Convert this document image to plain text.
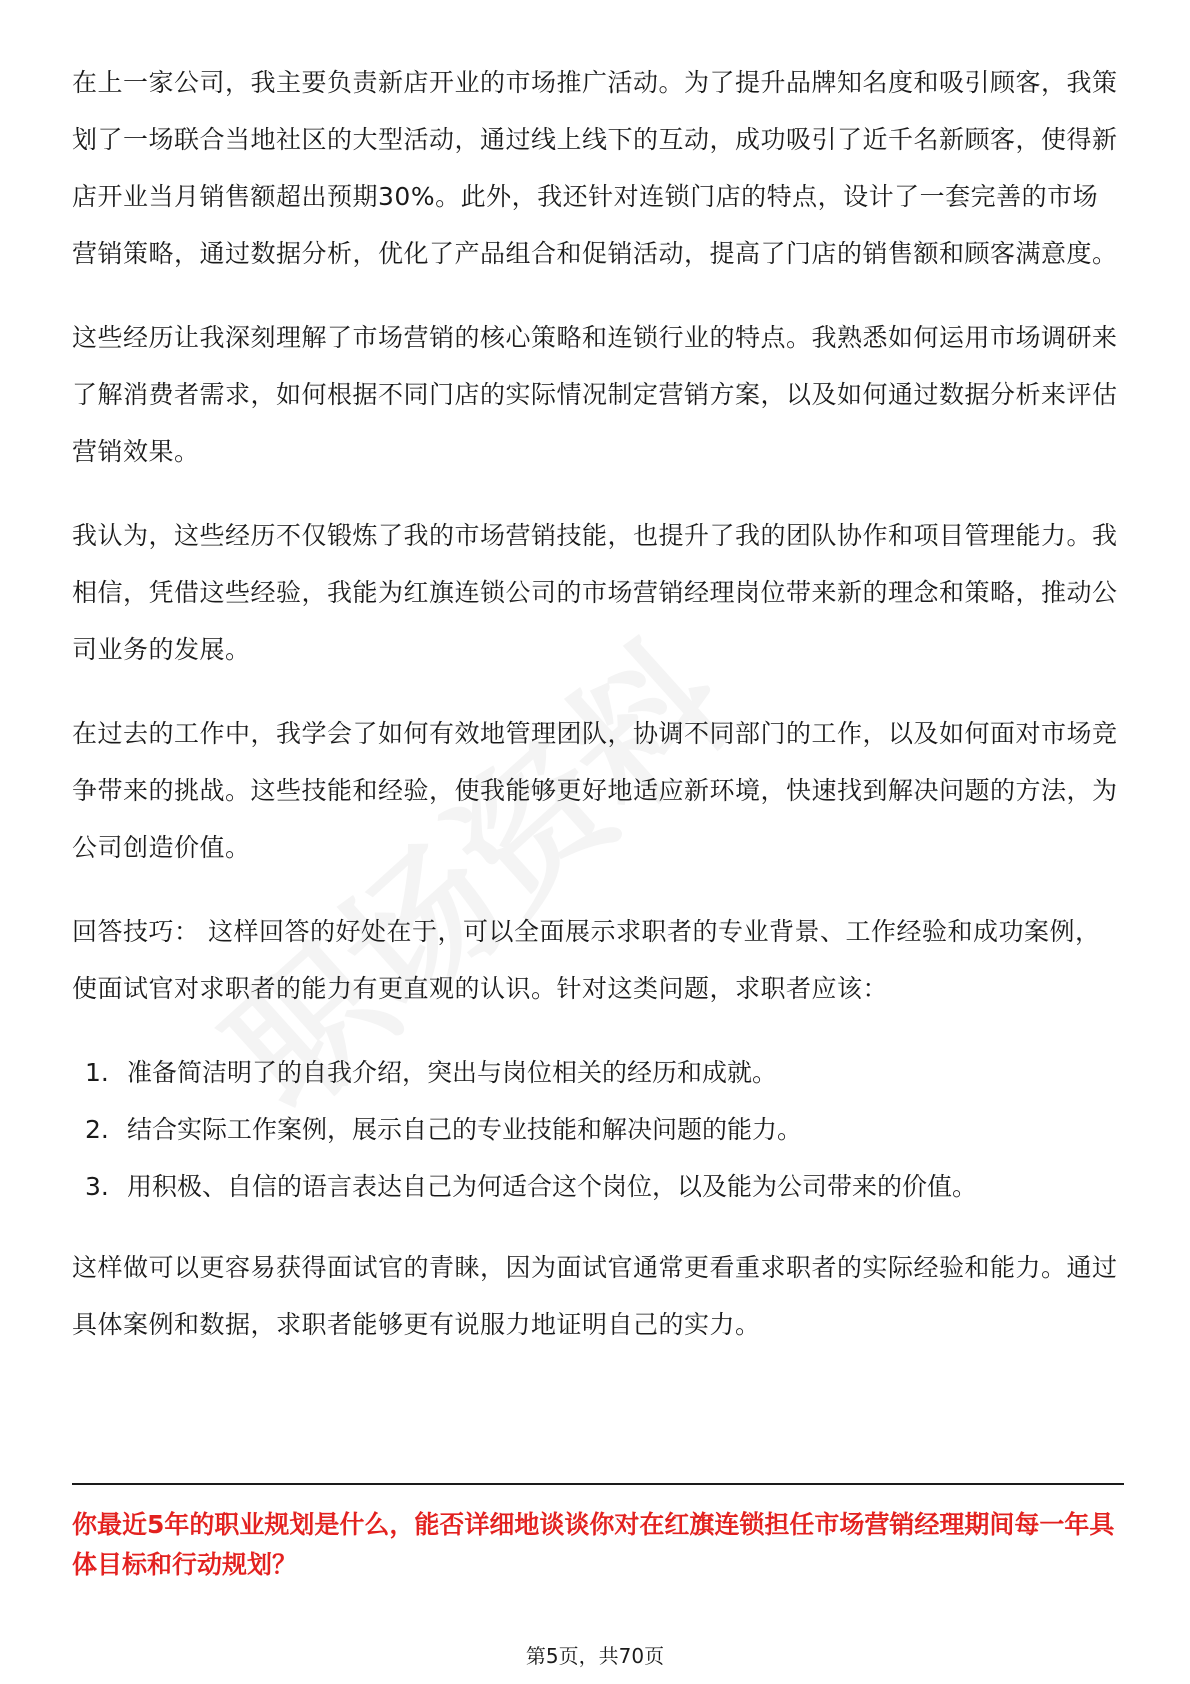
在上一家公司，我主要负责新店开业的市场推广活动。为了提升品牌知名度和吸引顾客，我策划了一场联合当地社区的大型活动，通过线上线下的互动，成功吸引了近千名新顾客，使得新店开业当月销售额超出预期30%。此外，我还针对连锁门店的特点，设计了一套完善的市场营销策略，通过数据分析，优化了产品组合和促销活动，提高了门店的销售额和顾客满意度。

这些经历让我深刻理解了市场营销的核心策略和连锁行业的特点。我熟悉如何运用市场调研来了解消费者需求，如何根据不同门店的实际情况制定营销方案，以及如何通过数据分析来评估营销效果。

我认为，这些经历不仅锻炼了我的市场营销技能，也提升了我的团队协作和项目管理能力。我相信，凭借这些经验，我能为红旗连锁公司的市场营销经理岗位带来新的理念和策略，推动公司业务的发展。

在过去的工作中，我学会了如何有效地管理团队，协调不同部门的工作，以及如何面对市场竞争带来的挑战。这些技能和经验，使我能够更好地适应新环境，快速找到解决问题的方法，为公司创造价值。

回答技巧： 这样回答的好处在于，可以全面展示求职者的专业背景、工作经验和成功案例，使面试官对求职者的能力有更直观的认识。针对这类问题，求职者应该：

1. 准备简洁明了的自我介绍，突出与岗位相关的经历和成就。
2. 结合实际工作案例，展示自己的专业技能和解决问题的能力。
3. 用积极、自信的语言表达自己为何适合这个岗位，以及能为公司带来的价值。

这样做可以更容易获得面试官的青睐，因为面试官通常更看重求职者的实际经验和能力。通过具体案例和数据，求职者能够更有说服力地证明自己的实力。

你最近5年的职业规划是什么，能否详细地谈谈你对在红旗连锁担任市场营销经理期间每一年具体目标和行动规划？

第5页，共70页
